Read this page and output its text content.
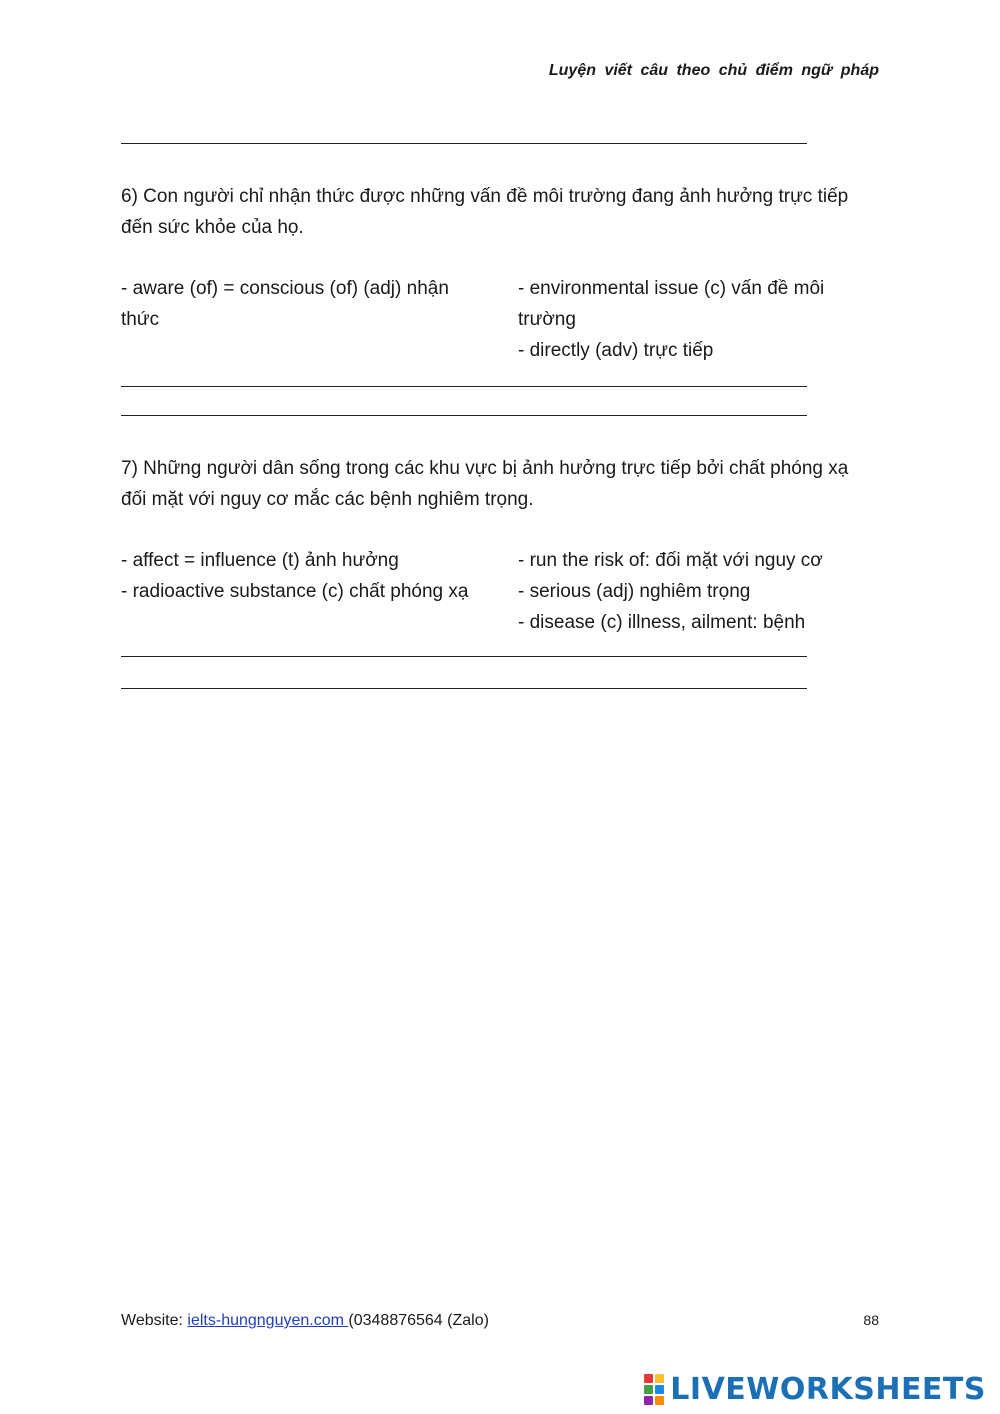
Luyện viết câu theo chủ điểm ngữ pháp
6) Con người chỉ nhận thức được những vấn đề môi trường đang ảnh hưởng trực tiếp đến sức khỏe của họ.
- aware (of) = conscious (of) (adj) nhận thức
- environmental issue (c) vấn đề môi trường
- directly (adv) trực tiếp
7) Những người dân sống trong các khu vực bị ảnh hưởng trực tiếp bởi chất phóng xạ đối mặt với nguy cơ mắc các bệnh nghiêm trọng.
- affect = influence (t) ảnh hưởng
- radioactive substance (c) chất phóng xạ
- run the risk of: đối mặt với nguy cơ
- serious (adj) nghiêm trọng
- disease (c) illness, ailment: bệnh
Website: ielts-hungnguyen.com (0348876564 (Zalo)	88
LIVEWORKSHEETS
